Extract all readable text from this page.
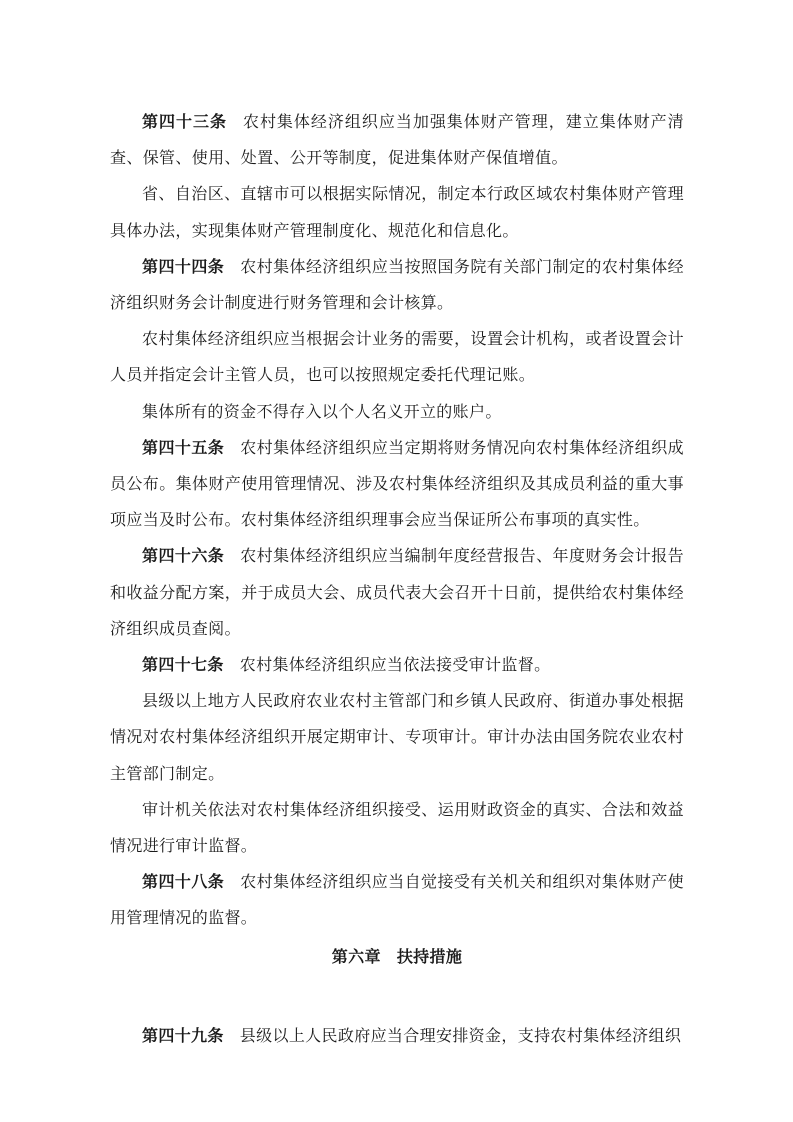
第四十三条 农村集体经济组织应当加强集体财产管理，建立集体财产清查、保管、使用、处置、公开等制度，促进集体财产保值增值。

省、自治区、直辖市可以根据实际情况，制定本行政区域农村集体财产管理具体办法，实现集体财产管理制度化、规范化和信息化。

第四十四条 农村集体经济组织应当按照国务院有关部门制定的农村集体经济组织财务会计制度进行财务管理和会计核算。

农村集体经济组织应当根据会计业务的需要，设置会计机构，或者设置会计人员并指定会计主管人员，也可以按照规定委托代理记账。

集体所有的资金不得存入以个人名义开立的账户。

第四十五条 农村集体经济组织应当定期将财务情况向农村集体经济组织成员公布。集体财产使用管理情况、涉及农村集体经济组织及其成员利益的重大事项应当及时公布。农村集体经济组织理事会应当保证所公布事项的真实性。

第四十六条 农村集体经济组织应当编制年度经营报告、年度财务会计报告和收益分配方案，并于成员大会、成员代表大会召开十日前，提供给农村集体经济组织成员查阅。

第四十七条 农村集体经济组织应当依法接受审计监督。

县级以上地方人民政府农业农村主管部门和乡镇人民政府、街道办事处根据情况对农村集体经济组织开展定期审计、专项审计。审计办法由国务院农业农村主管部门制定。

审计机关依法对农村集体经济组织接受、运用财政资金的真实、合法和效益情况进行审计监督。

第四十八条 农村集体经济组织应当自觉接受有关机关和组织对集体财产使用管理情况的监督。

第六章 扶持措施

第四十九条 县级以上人民政府应当合理安排资金，支持农村集体经济组织
